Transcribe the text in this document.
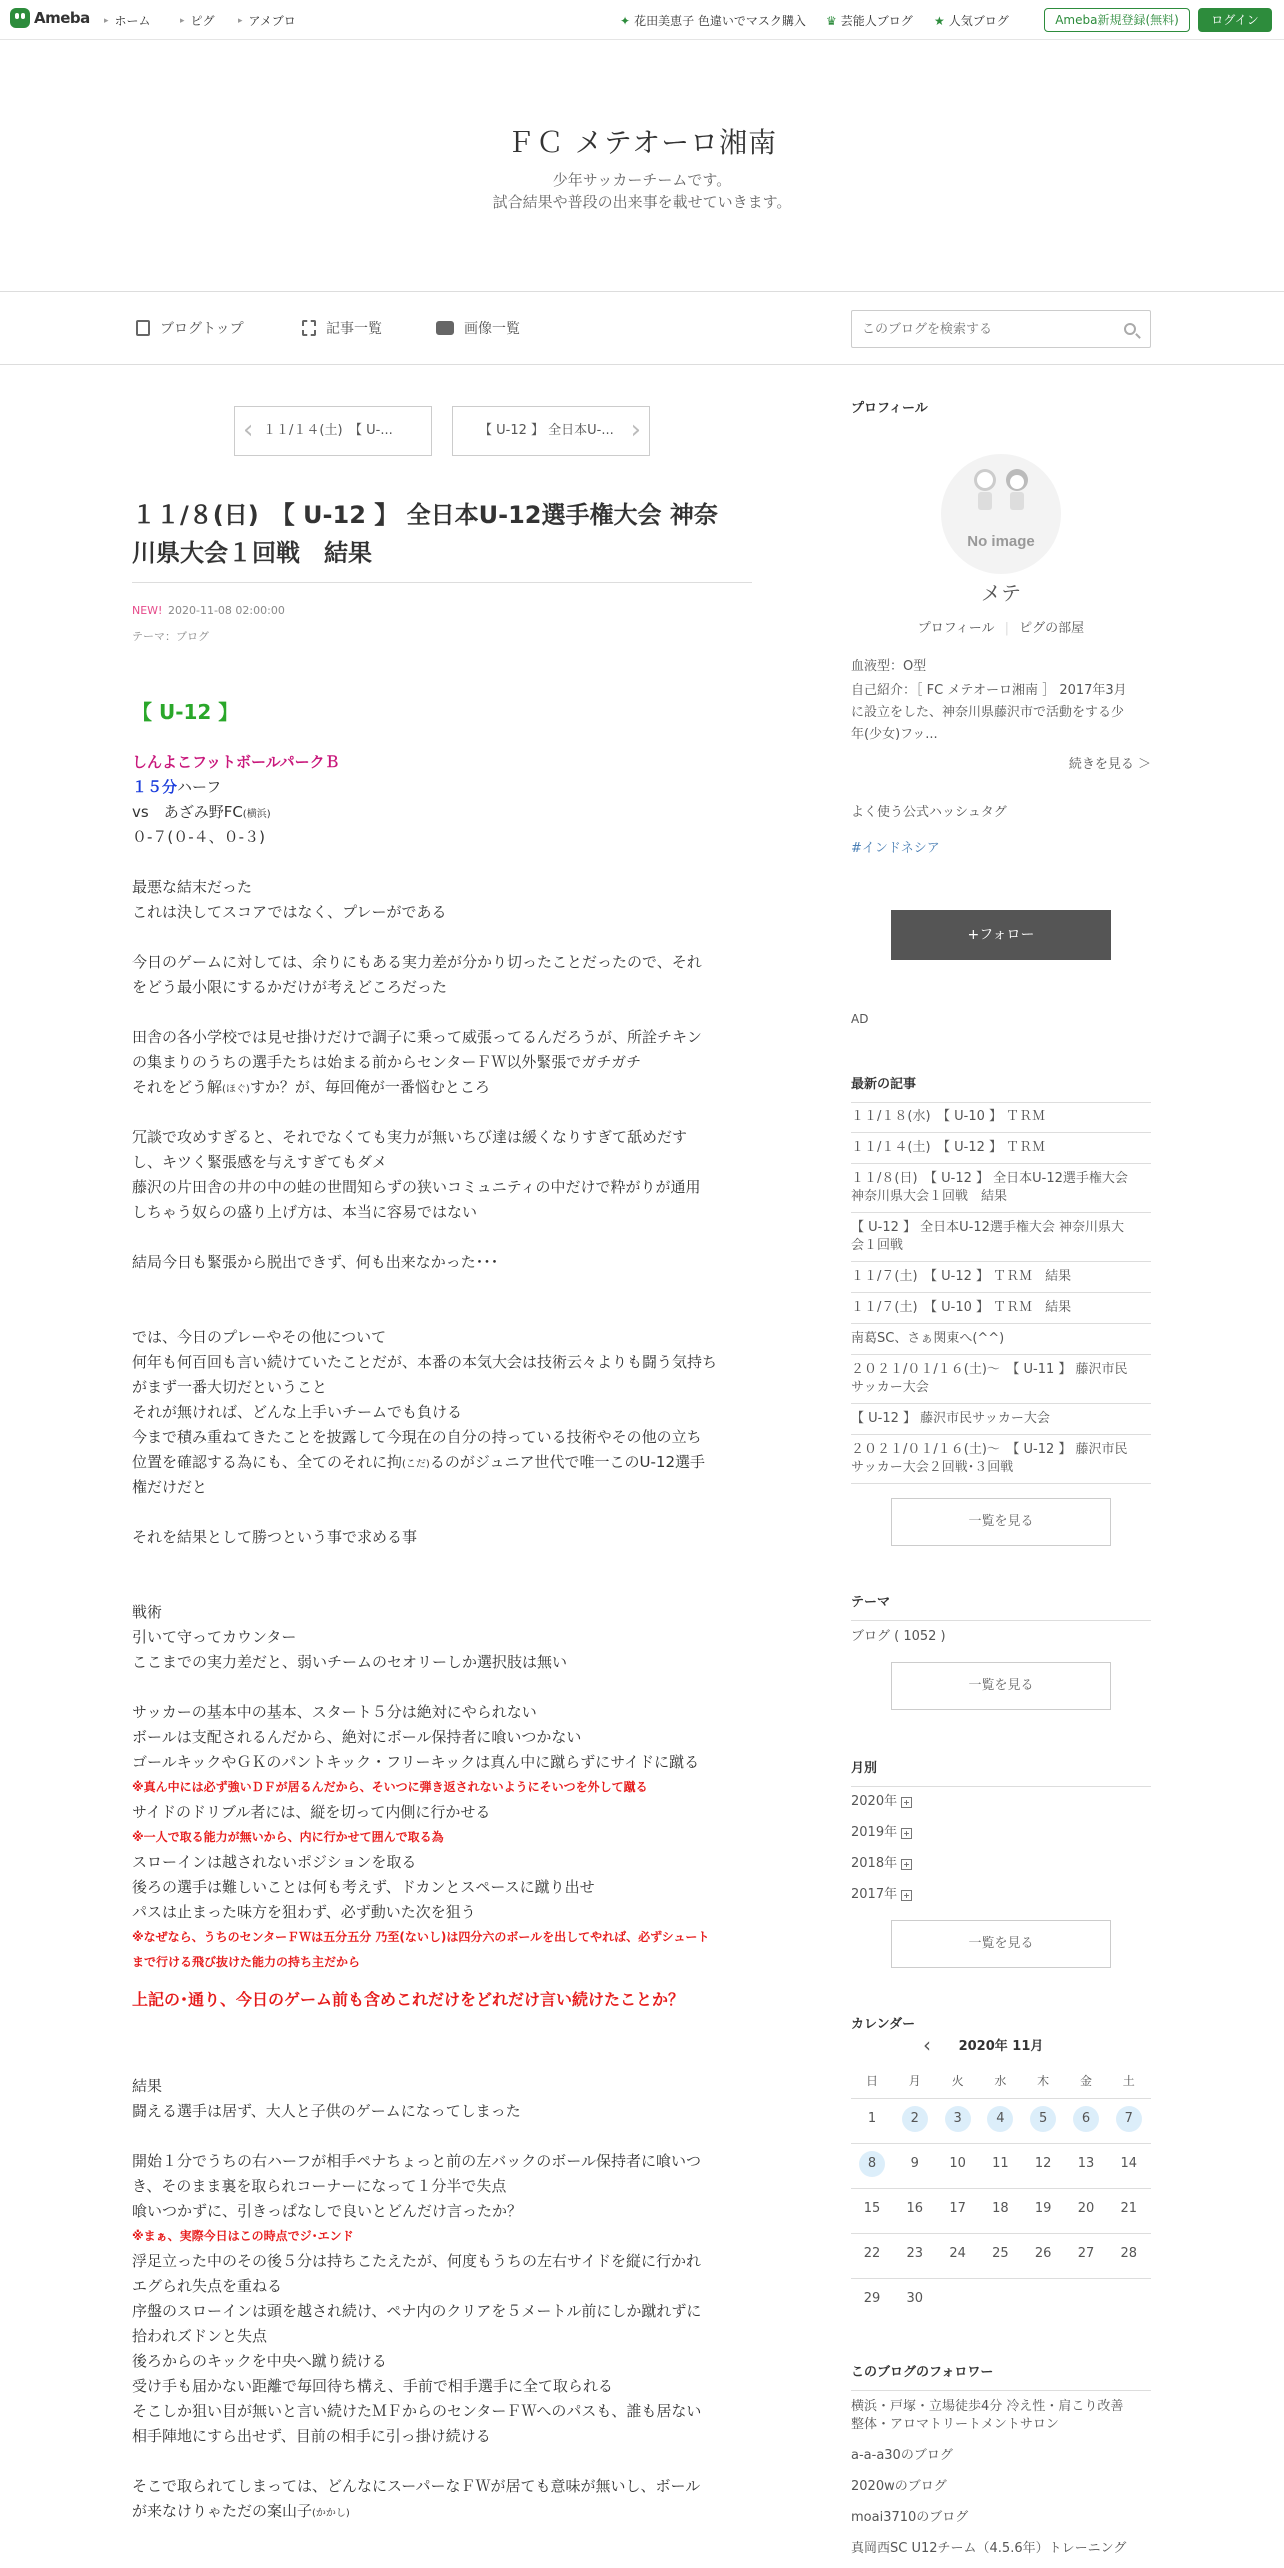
Ameba ▸ ホーム	▸ ピグ	▸ アメブロ	✦ 花田美恵子 色違いでマスク購入 ♛ 芸能人ブログ ★ 人気ブログ	Ameba新規登録(無料)	ログイン
ＦＣ メテオーロ湘南
少年サッカーチームです。
試合結果や普段の出来事を載せていきます。
ブログトップ	記事一覧	画像一覧
このブログを検索する
‹ １１/１４(土)　【 U-...	【 U-12 】 全日本U-... ›
１１/８(日)　【 U-12 】 全日本U-12選手権大会 神奈
川県大会１回戦　結果
NEW! 2020-11-08 02:00:00
テーマ：ブログ
【 U-12 】
しんよこフットボールパークＢ
１５分ハーフ
vs　あざみ野FC(横浜)
０-７(０-４、０-３)
最悪な結末だった
これは決してスコアではなく、プレーがである
今日のゲームに対しては、余りにもある実力差が分かり切ったことだったので、それ
をどう最小限にするかだけが考えどころだった
田舎の各小学校では見せ掛けだけで調子に乗って威張ってるんだろうが、所詮チキン
の集まりのうちの選手たちは始まる前からセンターＦＷ以外緊張でガチガチ
それをどう解(ほぐ)すか？が、毎回俺が一番悩むところ
冗談で攻めすぎると、それでなくても実力が無いちび達は緩くなりすぎて舐めだす
し、キツく緊張感を与えすぎてもダメ
藤沢の片田舎の井の中の蛙の世間知らずの狭いコミュニティの中だけで粋がりが通用
しちゃう奴らの盛り上げ方は、本当に容易ではない
結局今日も緊張から脱出できず、何も出来なかった･･･
では、今日のプレーやその他について
何年も何百回も言い続けていたことだが、本番の本気大会は技術云々よりも闘う気持ち
がまず一番大切だということ
それが無ければ、どんな上手いチームでも負ける
今まで積み重ねてきたことを披露して今現在の自分の持っている技術やその他の立ち
位置を確認する為にも、全てのそれに拘(こだ)るのがジュニア世代で唯一このU-12選手
権だけだと
それを結果として勝つという事で求める事
戦術
引いて守ってカウンター
ここまでの実力差だと、弱いチームのセオリーしか選択肢は無い
サッカーの基本中の基本、スタート５分は絶対にやられない
ボールは支配されるんだから、絶対にボール保持者に喰いつかない
ゴールキックやＧＫのパントキック・フリーキックは真ん中に蹴らずにサイドに蹴る
※真ん中には必ず強いＤＦが居るんだから、そいつに弾き返されないようにそいつを外して蹴る
サイドのドリブル者には、縦を切って内側に行かせる
※一人で取る能力が無いから、内に行かせて囲んで取る為
スローインは越されないポジションを取る
後ろの選手は難しいことは何も考えず、ドカンとスペースに蹴り出せ
パスは止まった味方を狙わず、必ず動いた次を狙う
※なぜなら、うちのセンターＦＷは五分五分 乃至(ないし)は四分六のボールを出してやれば、必ずシュート
まで行ける飛び抜けた能力の持ち主だから
上記の･通り、今日のゲーム前も含めこれだけをどれだけ言い続けたことか？
結果
闘える選手は居ず、大人と子供のゲームになってしまった
開始１分でうちの右ハーフが相手ペナちょっと前の左バックのボール保持者に喰いつ
き、そのまま裏を取られコーナーになって１分半で失点
喰いつかずに、引きっぱなしで良いとどんだけ言ったか？
※まぁ、実際今日はこの時点でジ･エンド
浮足立った中のその後５分は持ちこたえたが、何度もうちの左右サイドを縦に行かれ
エグられ失点を重ねる
序盤のスローインは頭を越され続け、ペナ内のクリアを５メートル前にしか蹴れずに
拾われズドンと失点
後ろからのキックを中央へ蹴り続ける
受け手も届かない距離で毎回待ち構え、手前で相手選手に全て取られる
そこしか狙い目が無いと言い続けたＭＦからのセンターＦＷへのパスも、誰も居ない
相手陣地にすら出せず、目前の相手に引っ掛け続ける
そこで取られてしまっては、どんなにスーパーなＦＷが居ても意味が無いし、ボール
が来なけりゃただの案山子(かかし)
プロフィール
No image
メテ
プロフィール | ピグの部屋
血液型：O型
自己紹介：［ FC メテオーロ湘南 ］ 2017年3月
に設立をした、神奈川県藤沢市で活動をする少
年(少女)フッ...
続きを見る ＞
よく使う公式ハッシュタグ
#インドネシア
+フォロー
AD
最新の記事
１１/１８(水)　【 U-10 】 ＴＲＭ
１１/１４(土)　【 U-12 】 ＴＲＭ
１１/８(日)　【 U-12 】 全日本U-12選手権大会
神奈川県大会１回戦　結果
【 U-12 】 全日本U-12選手権大会 神奈川県大
会１回戦
１１/７(土)　【 U-12 】 ＴＲＭ　結果
１１/７(土)　【 U-10 】 ＴＲＭ　結果
南葛SC、さぁ関東へ(^^)
２０２１/０１/１６(土)～　【 U-11 】 藤沢市民
サッカー大会
【 U-12 】 藤沢市民サッカー大会
２０２１/０１/１６(土)～　【 U-12 】 藤沢市民
サッカー大会２回戦･３回戦
一覧を見る
テーマ
ブログ ( 1052 )
一覧を見る
月別
2020年
2019年
2018年
2017年
一覧を見る
カレンダー
‹ 2020年 11月
日	月	火	水	木	金	土
1	2	3	4	5	6	7
8	9	10	11	12	13	14
15	16	17	18	19	20	21
22	23	24	25	26	27	28
29	30
このブログのフォロワー
横浜・戸塚・立場徒歩4分 冷え性・肩こり改善
整体・アロマトリートメントサロン
a-a-a30のブログ
2020wのブログ
moai3710のブログ
真岡西SC U12チーム（4.5.6年）トレーニング
